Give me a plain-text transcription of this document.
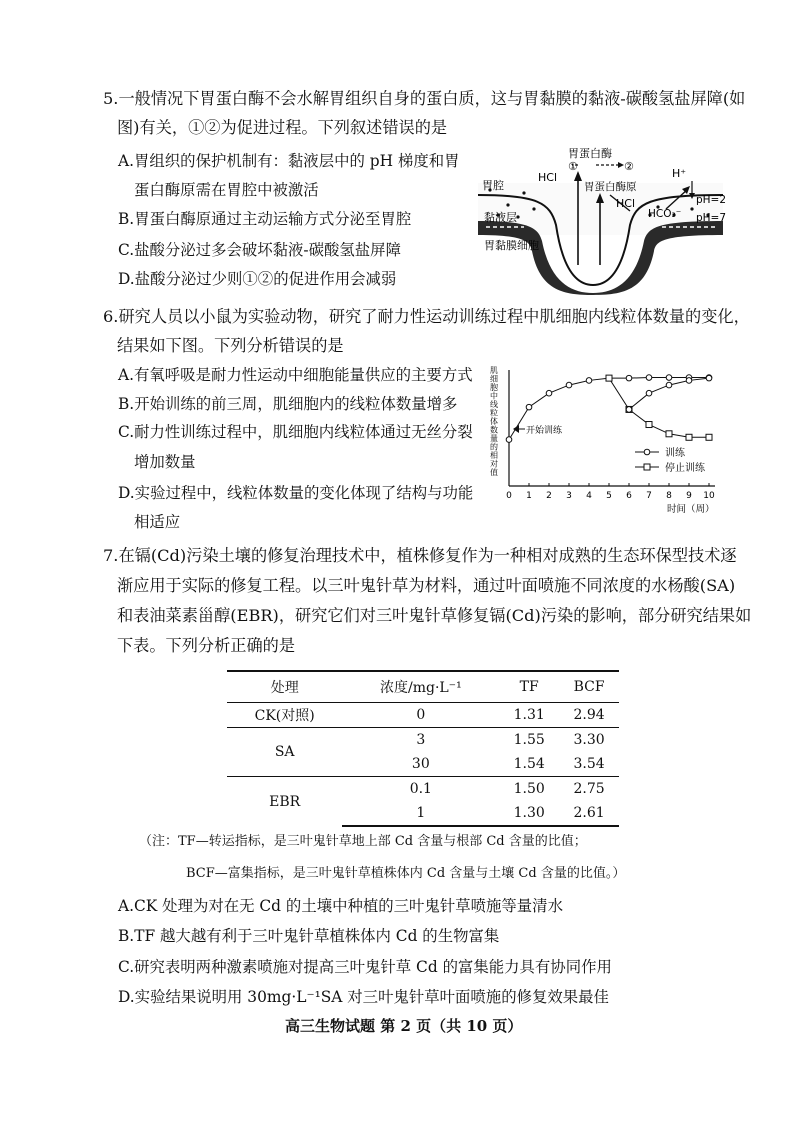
5.一般情况下胃蛋白酶不会水解胃组织自身的蛋白质，这与胃黏膜的黏液-碳酸氢盐屏障(如
图)有关，①②为促进过程。下列叙述错误的是
A.胃组织的保护机制有：黏液层中的 pH 梯度和胃
蛋白酶原需在胃腔中被激活
B.胃蛋白酶原通过主动运输方式分泌至胃腔
C.盐酸分泌过多会破坏黏液-碳酸氢盐屏障
D.盐酸分泌过少则①②的促进作用会减弱
胃蛋白酶
HCl
①	②
胃蛋白酶原
胃腔
HCl
H⁺
pH=2
pH=7
HCO₃⁻
黏液层
胃黏膜细胞
6.研究人员以小鼠为实验动物，研究了耐力性运动训练过程中肌细胞内线粒体数量的变化，
结果如下图。下列分析错误的是
A.有氧呼吸是耐力性运动中细胞能量供应的主要方式
B.开始训练的前三周，肌细胞内的线粒体数量增多
C.耐力性训练过程中，肌细胞内线粒体通过无丝分裂
增加数量
D.实验过程中，线粒体数量的变化体现了结构与功能
相适应
肌
细
胞
中
线
粒
体
数
量
的
相
对
值
0 1 2 3 4 5 6 7 8 9 10
开始训练
训练
停止训练
时间（周）
7.在镉(Cd)污染土壤的修复治理技术中，植株修复作为一种相对成熟的生态环保型技术逐
渐应用于实际的修复工程。以三叶鬼针草为材料，通过叶面喷施不同浓度的水杨酸(SA)
和表油菜素甾醇(EBR)，研究它们对三叶鬼针草修复镉(Cd)污染的影响，部分研究结果如
下表。下列分析正确的是
处理	浓度/mg·L⁻¹	TF	BCF
CK(对照)	0	1.31	2.94
SA	3	1.55	3.30
	30	1.54	3.54
EBR	0.1	1.50	2.75
	1	1.30	2.61
（注：TF—转运指标，是三叶鬼针草地上部 Cd 含量与根部 Cd 含量的比值；
BCF—富集指标，是三叶鬼针草植株体内 Cd 含量与土壤 Cd 含量的比值。）
A.CK 处理为对在无 Cd 的土壤中种植的三叶鬼针草喷施等量清水
B.TF 越大越有利于三叶鬼针草植株体内 Cd 的生物富集
C.研究表明两种激素喷施对提高三叶鬼针草 Cd 的富集能力具有协同作用
D.实验结果说明用 30mg·L⁻¹SA 对三叶鬼针草叶面喷施的修复效果最佳
高三生物试题 第 2 页（共 10 页）
